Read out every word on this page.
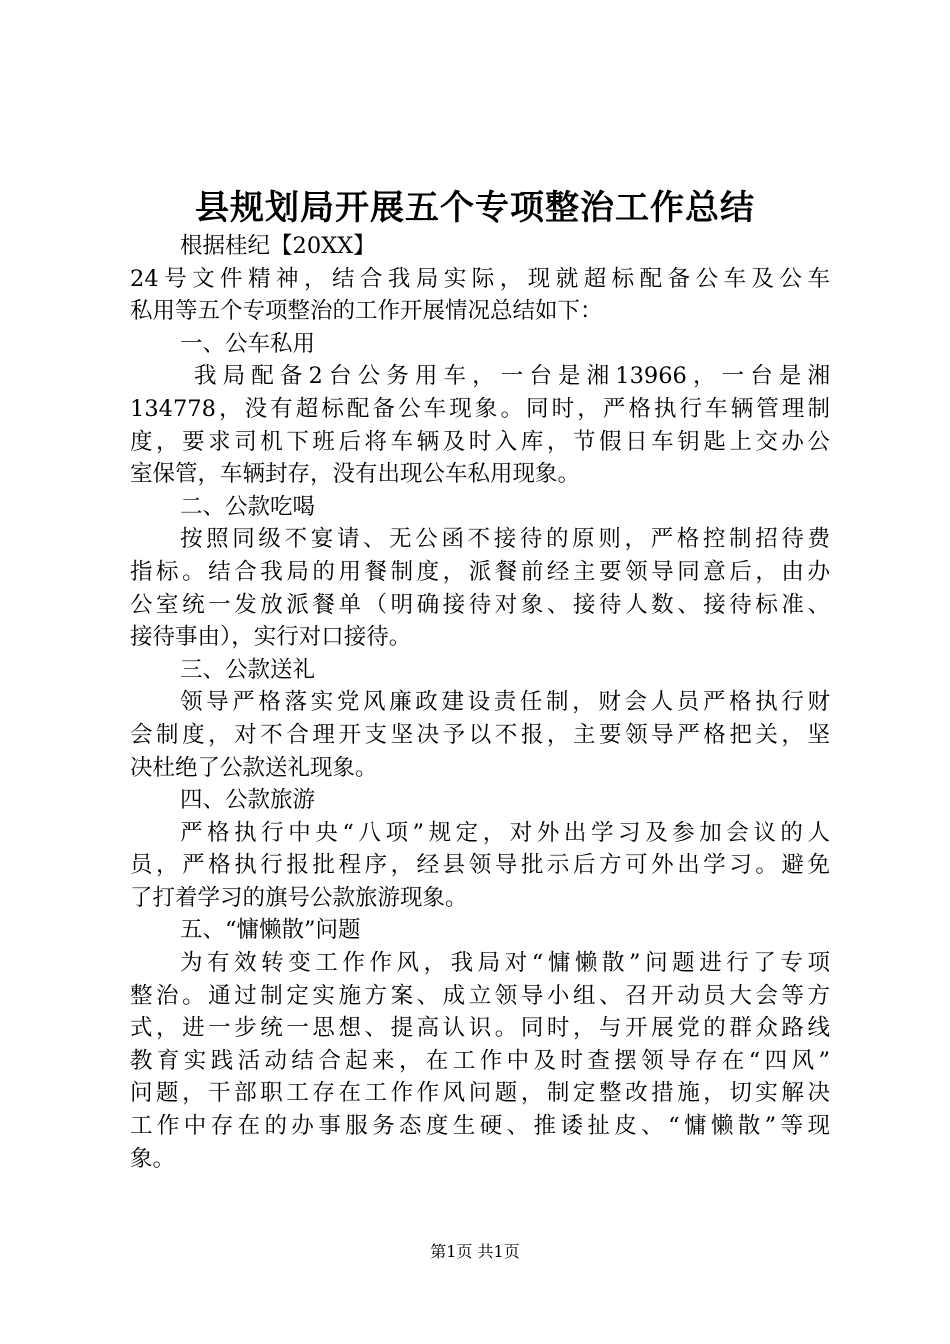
县规划局开展五个专项整治工作总结
根据桂纪【20XX】
24号文件精神，结合我局实际，现就超标配备公车及公车
私用等五个专项整治的工作开展情况总结如下：
一、公车私用
我局配备2台公务用车，一台是湘13966，一台是湘
134778，没有超标配备公车现象。同时，严格执行车辆管理制
度，要求司机下班后将车辆及时入库，节假日车钥匙上交办公
室保管，车辆封存，没有出现公车私用现象。
二、公款吃喝
按照同级不宴请、无公函不接待的原则，严格控制招待费
指标。结合我局的用餐制度，派餐前经主要领导同意后，由办
公室统一发放派餐单（明确接待对象、接待人数、接待标准、
接待事由），实行对口接待。
三、公款送礼
领导严格落实党风廉政建设责任制，财会人员严格执行财
会制度，对不合理开支坚决予以不报，主要领导严格把关，坚
决杜绝了公款送礼现象。
四、公款旅游
严格执行中央“八项”规定，对外出学习及参加会议的人
员，严格执行报批程序，经县领导批示后方可外出学习。避免
了打着学习的旗号公款旅游现象。
五、“慵懒散”问题
为有效转变工作作风，我局对“慵懒散”问题进行了专项
整治。通过制定实施方案、成立领导小组、召开动员大会等方
式，进一步统一思想、提高认识。同时，与开展党的群众路线
教育实践活动结合起来，在工作中及时查摆领导存在“四风”
问题，干部职工存在工作作风问题，制定整改措施，切实解决
工作中存在的办事服务态度生硬、推诿扯皮、“慵懒散”等现
象。
第1页 共1页
